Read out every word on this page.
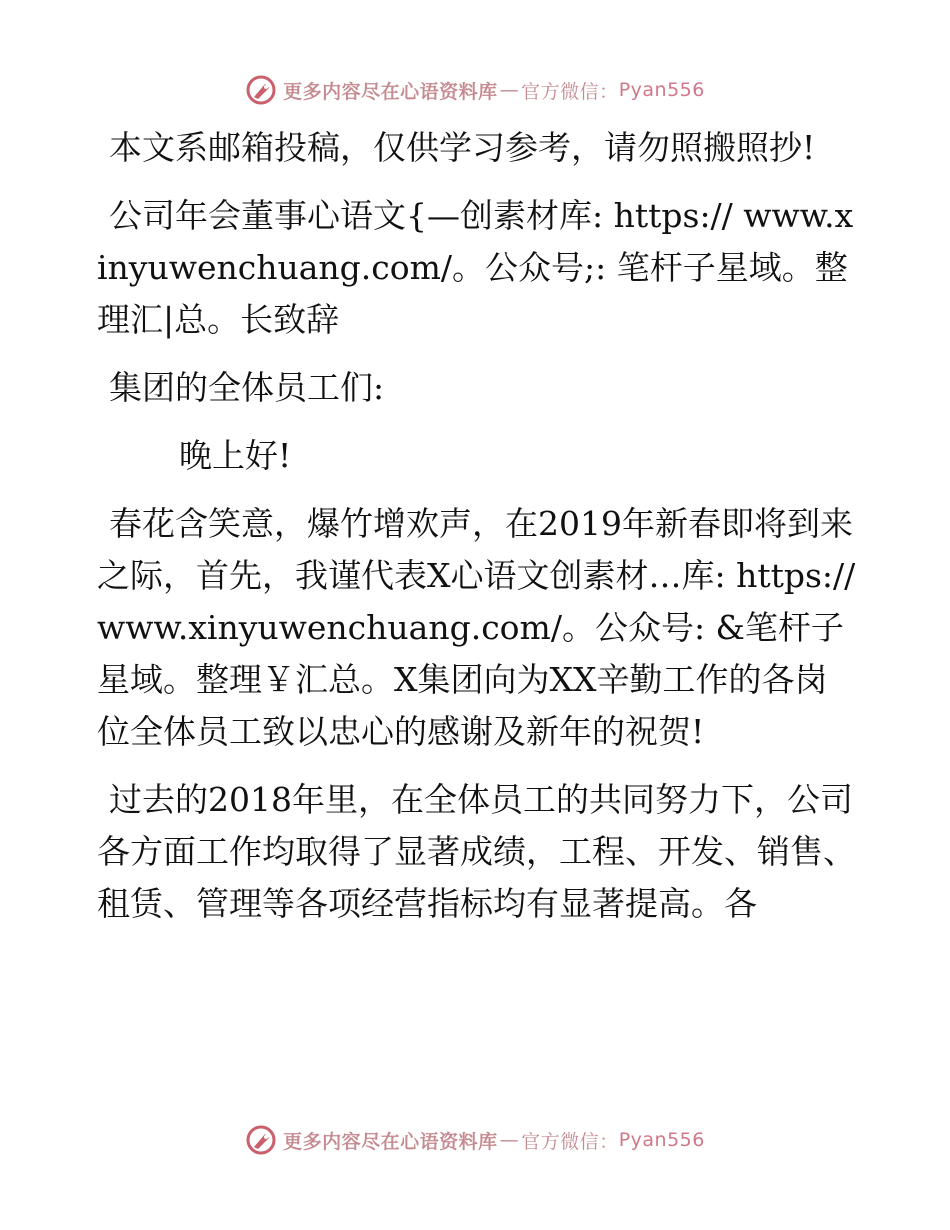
更多内容尽在心语资料库 — 官方微信： Pyan556

本文系邮箱投稿，仅供学习参考，请勿照搬照抄!

公司年会董事心语文{—创素材库: https:// www.xinyuwenchuang.com/。公众号;: 笔杆子星域。整理汇|总。长致辞

集团的全体员工们:

晚上好!

春花含笑意，爆竹增欢声，在2019年新春即将到来之际，首先，我谨代表X心语文创素材…库: https://www.xinyuwenchuang.com/。公众号: &笔杆子星域。整理￥汇总。X集团向为XX辛勤工作的各岗位全体员工致以忠心的感谢及新年的祝贺!

过去的2018年里，在全体员工的共同努力下，公司各方面工作均取得了显著成绩，工程、开发、销售、租赁、管理等各项经营指标均有显著提高。各

更多内容尽在心语资料库 — 官方微信： Pyan556
